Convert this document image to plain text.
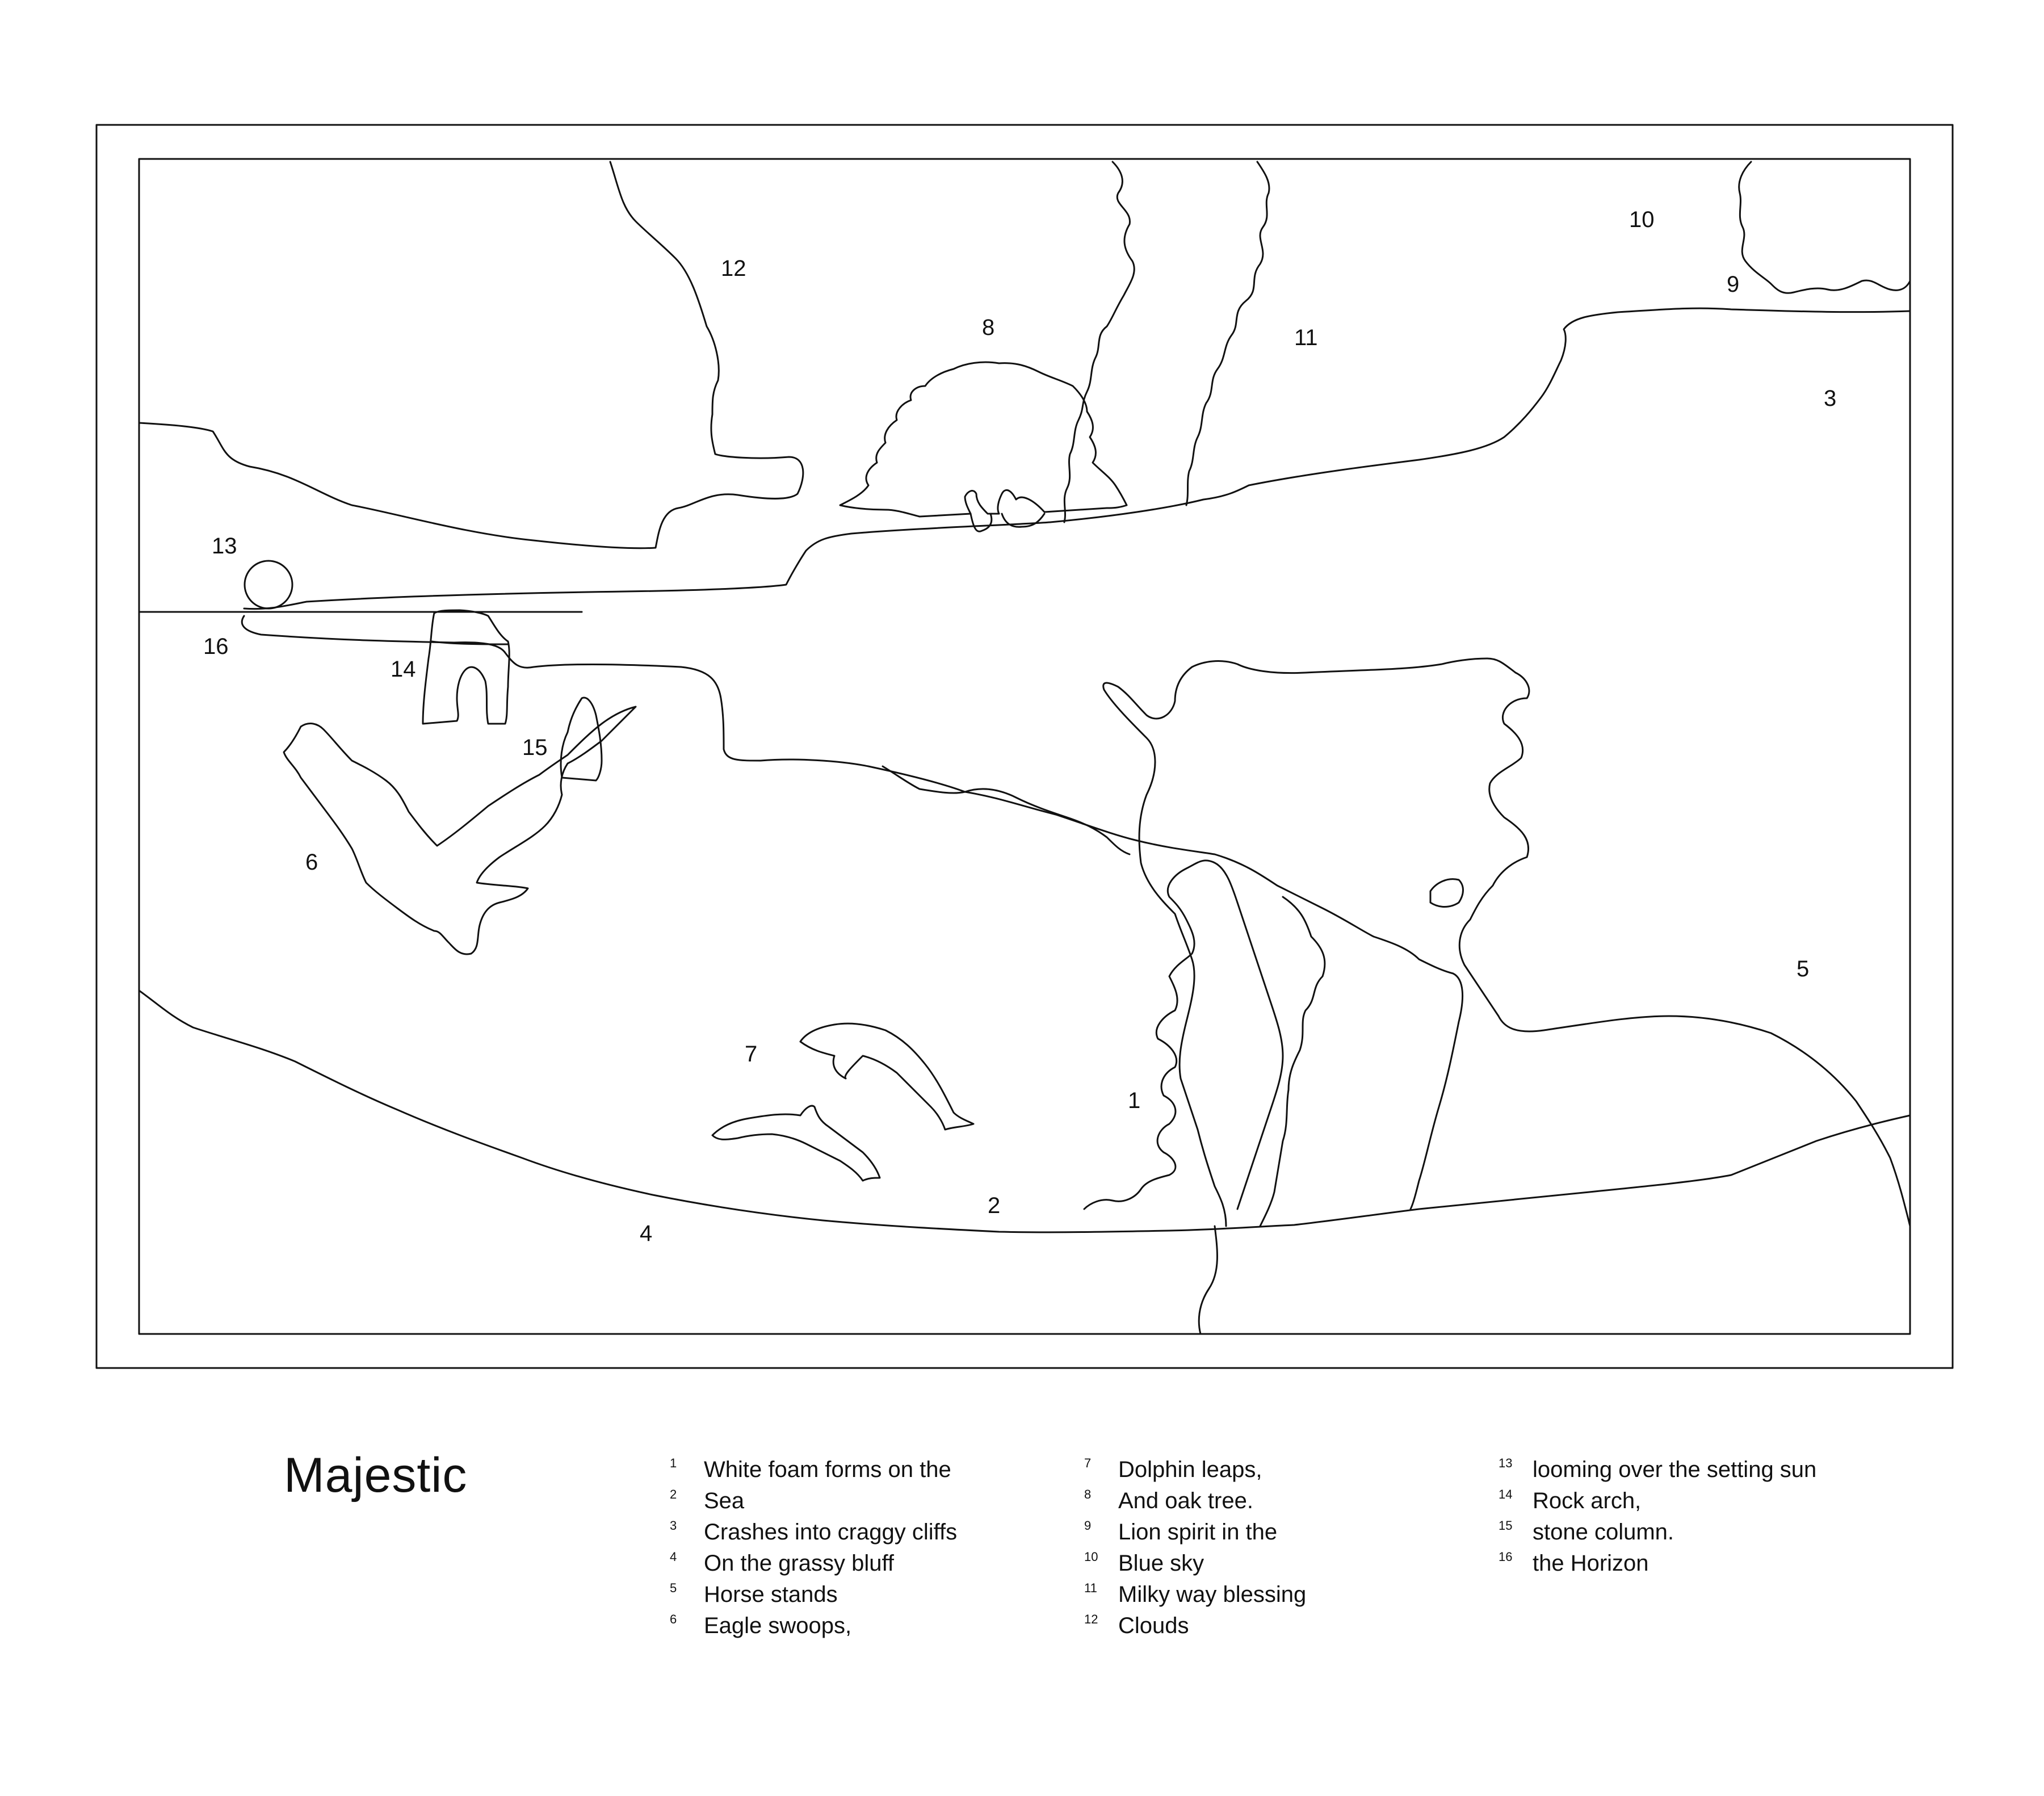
1
2
3
4
5
6
7
8
9
10
11
12
13
14
15
16
Majestic	1 White foam forms on the
2 Sea
3 Crashes into craggy cliffs
4 On the grassy bluff
5 Horse stands
6 Eagle swoops,
7 Dolphin leaps,
8 And oak tree.
9 Lion spirit in the
10 Blue sky
11 Milky way blessing
12 Clouds
13 looming over the setting sun
14 Rock arch,
15 stone column.
16 the Horizon
